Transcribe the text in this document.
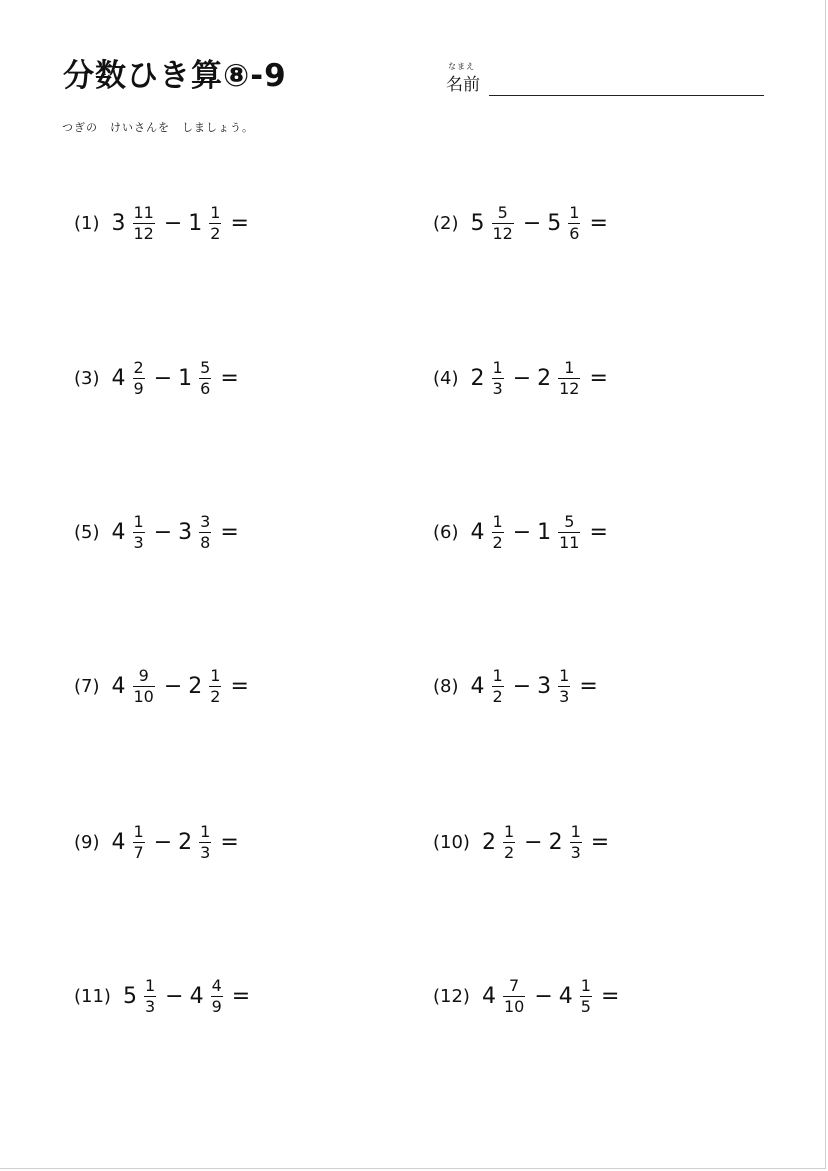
分数ひき算⑧-9	なまえ
名前
つぎの　けいさんを　しましょう。
(1) $3 \frac{11}{12} - 1 \frac{1}{2}$ =	(2) $5 \frac{5}{12} - 5 \frac{1}{6}$ =
(3) $4 \frac{2}{9} - 1 \frac{5}{6}$ =	(4) $2 \frac{1}{3} - 2 \frac{1}{12}$ =
(5) $4 \frac{1}{3} - 3 \frac{3}{8}$ =	(6) $4 \frac{1}{2} - 1 \frac{5}{11}$ =
(7) $4 \frac{9}{10} - 2 \frac{1}{2}$ =	(8) $4 \frac{1}{2} - 3 \frac{1}{3}$ =
(9) $4 \frac{1}{7} - 2 \frac{1}{3}$ =	(10) $2 \frac{1}{2} - 2 \frac{1}{3}$ =
(11) $5 \frac{1}{3} - 4 \frac{4}{9}$ =	(12) $4 \frac{7}{10} - 4 \frac{1}{5}$ =
